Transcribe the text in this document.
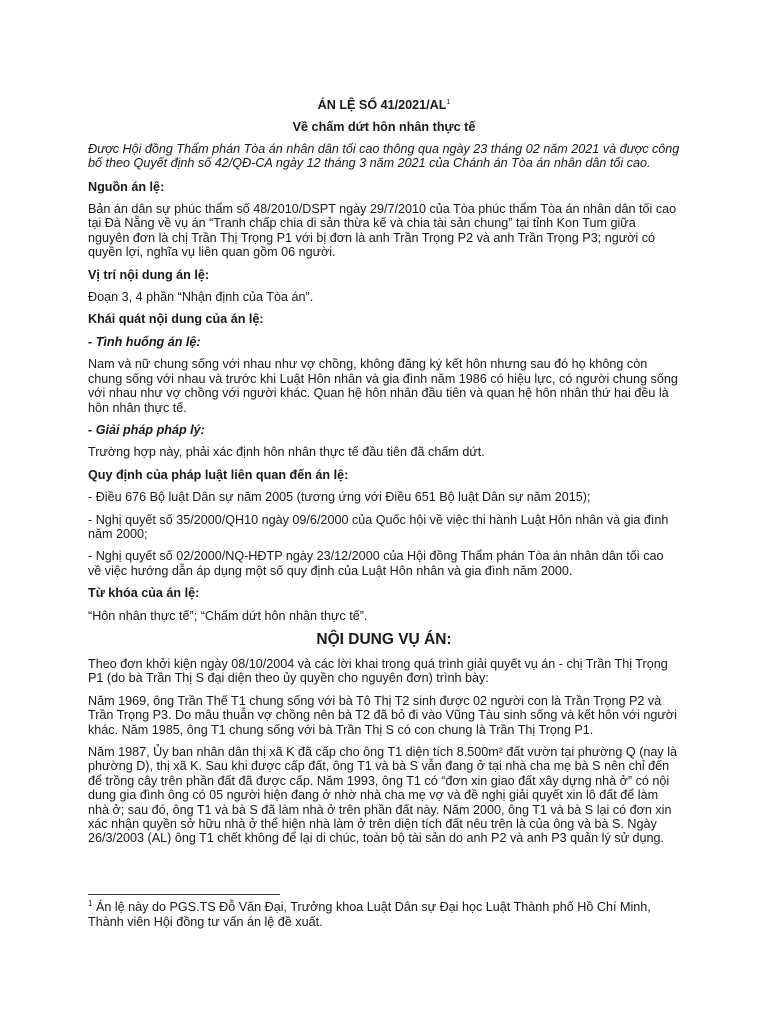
ÁN LỆ SỐ $41/2021/AL^1$
Về chấm dứt hôn nhân thực tế

Được Hội đồng Thẩm phán Tòa án nhân dân tối cao thông qua ngày 23 tháng 02 năm 2021 và được công bố theo Quyết định số 42/QĐ-CA ngày 12 tháng 3 năm 2021 của Chánh án Tòa án nhân dân tối cao.

Nguồn án lệ:

Bản án dân sự phúc thẩm số 48/2010/DSPT ngày 29/7/2010 của Tòa phúc thẩm Tòa án nhân dân tối cao tại Đà Nẵng về vụ án “Tranh chấp chia di sản thừa kế và chia tài sản chung” tại tỉnh Kon Tum giữa nguyên đơn là chị Trần Thị Trọng P1 với bị đơn là anh Trần Trọng P2 và anh Trần Trọng P3; người có quyền lợi, nghĩa vụ liên quan gồm 06 người.

Vị trí nội dung án lệ:

Đoạn 3, 4 phần “Nhận định của Tòa án”.

Khái quát nội dung của án lệ:

- Tình huống án lệ:

Nam và nữ chung sống với nhau như vợ chồng, không đăng ký kết hôn nhưng sau đó họ không còn chung sống với nhau và trước khi Luật Hôn nhân và gia đình năm 1986 có hiệu lực, có người chung sống với nhau như vợ chồng với người khác. Quan hệ hôn nhân đầu tiên và quan hệ hôn nhân thứ hai đều là hôn nhân thực tế.

- Giải pháp pháp lý:

Trường hợp này, phải xác định hôn nhân thực tế đầu tiên đã chấm dứt.

Quy định của pháp luật liên quan đến án lệ:

- Điều 676 Bộ luật Dân sự năm 2005 (tương ứng với Điều 651 Bộ luật Dân sự năm 2015);

- Nghị quyết số 35/2000/QH10 ngày 09/6/2000 của Quốc hội về việc thi hành Luật Hôn nhân và gia đình năm 2000;

- Nghị quyết số 02/2000/NQ-HĐTP ngày 23/12/2000 của Hội đồng Thẩm phán Tòa án nhân dân tối cao về việc hướng dẫn áp dụng một số quy định của Luật Hôn nhân và gia đình năm 2000.

Từ khóa của án lệ:

“Hôn nhân thực tế”; “Chấm dứt hôn nhân thực tế”.

NỘI DUNG VỤ ÁN:

Theo đơn khởi kiện ngày 08/10/2004 và các lời khai trong quá trình giải quyết vụ án - chị Trần Thị Trọng P1 (do bà Trần Thị S đại diện theo ủy quyền cho nguyên đơn) trình bày:

Năm 1969, ông Trần Thế T1 chung sống với bà Tô Thị T2 sinh được 02 người con là Trần Trọng P2 và Trần Trọng P3. Do mâu thuẫn vợ chồng nên bà T2 đã bỏ đi vào Vũng Tàu sinh sống và kết hôn với người khác. Năm 1985, ông T1 chung sống với bà Trần Thị S có con chung là Trần Thị Trọng P1.

Năm 1987, Ủy ban nhân dân thị xã K đã cấp cho ông T1 diện tích 8.500m² đất vườn tại phường Q (nay là phường D), thị xã K. Sau khi được cấp đất, ông T1 và bà S vẫn đang ở tại nhà cha mẹ bà S nên chỉ đến để trồng cây trên phần đất đã được cấp. Năm 1993, ông T1 có “đơn xin giao đất xây dựng nhà ở” có nội dung gia đình ông có 05 người hiện đang ở nhờ nhà cha mẹ vợ và đề nghị giải quyết xin lô đất để làm nhà ở; sau đó, ông T1 và bà S đã làm nhà ở trên phần đất này. Năm 2000, ông T1 và bà S lại có đơn xin xác nhận quyền sở hữu nhà ở thể hiện nhà làm ở trên diện tích đất nêu trên là của ông và bà S. Ngày 26/3/2003 (AL) ông T1 chết không để lại di chúc, toàn bộ tài sản do anh P2 và anh P3 quản lý sử dụng.

$^1$ Án lệ này do PGS.TS Đỗ Văn Đại, Trưởng khoa Luật Dân sự Đại học Luật Thành phố Hồ Chí Minh, Thành viên Hội đồng tư vấn án lệ đề xuất.
